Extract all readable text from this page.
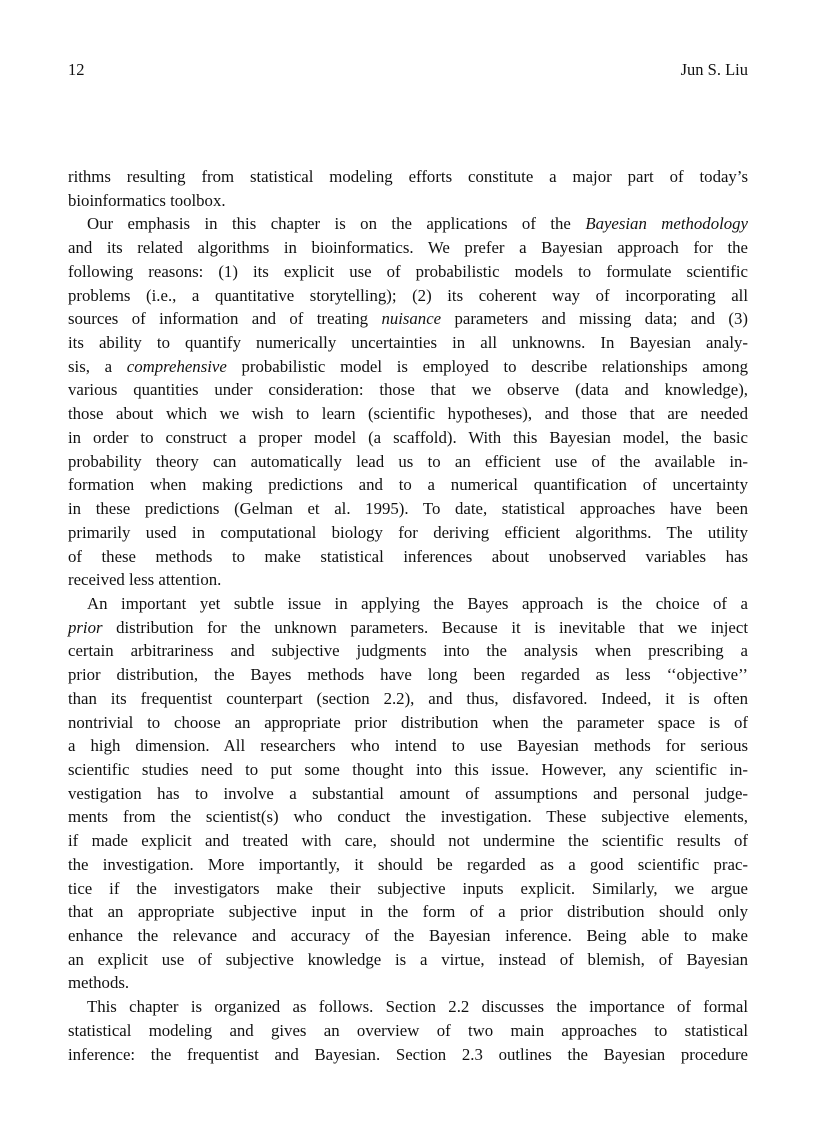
12	Jun S. Liu
rithms resulting from statistical modeling efforts constitute a major part of today’s
bioinformatics toolbox.
Our emphasis in this chapter is on the applications of the Bayesian methodology
and its related algorithms in bioinformatics. We prefer a Bayesian approach for the
following reasons: (1) its explicit use of probabilistic models to formulate scientific
problems (i.e., a quantitative storytelling); (2) its coherent way of incorporating all
sources of information and of treating nuisance parameters and missing data; and (3)
its ability to quantify numerically uncertainties in all unknowns. In Bayesian analy-
sis, a comprehensive probabilistic model is employed to describe relationships among
various quantities under consideration: those that we observe (data and knowledge),
those about which we wish to learn (scientific hypotheses), and those that are needed
in order to construct a proper model (a scaffold). With this Bayesian model, the basic
probability theory can automatically lead us to an efficient use of the available in-
formation when making predictions and to a numerical quantification of uncertainty
in these predictions (Gelman et al. 1995). To date, statistical approaches have been
primarily used in computational biology for deriving efficient algorithms. The utility
of these methods to make statistical inferences about unobserved variables has
received less attention.
An important yet subtle issue in applying the Bayes approach is the choice of a
prior distribution for the unknown parameters. Because it is inevitable that we inject
certain arbitrariness and subjective judgments into the analysis when prescribing a
prior distribution, the Bayes methods have long been regarded as less ‘‘objective’’
than its frequentist counterpart (section 2.2), and thus, disfavored. Indeed, it is often
nontrivial to choose an appropriate prior distribution when the parameter space is of
a high dimension. All researchers who intend to use Bayesian methods for serious
scientific studies need to put some thought into this issue. However, any scientific in-
vestigation has to involve a substantial amount of assumptions and personal judge-
ments from the scientist(s) who conduct the investigation. These subjective elements,
if made explicit and treated with care, should not undermine the scientific results of
the investigation. More importantly, it should be regarded as a good scientific prac-
tice if the investigators make their subjective inputs explicit. Similarly, we argue
that an appropriate subjective input in the form of a prior distribution should only
enhance the relevance and accuracy of the Bayesian inference. Being able to make
an explicit use of subjective knowledge is a virtue, instead of blemish, of Bayesian
methods.
This chapter is organized as follows. Section 2.2 discusses the importance of formal
statistical modeling and gives an overview of two main approaches to statistical
inference: the frequentist and Bayesian. Section 2.3 outlines the Bayesian procedure
